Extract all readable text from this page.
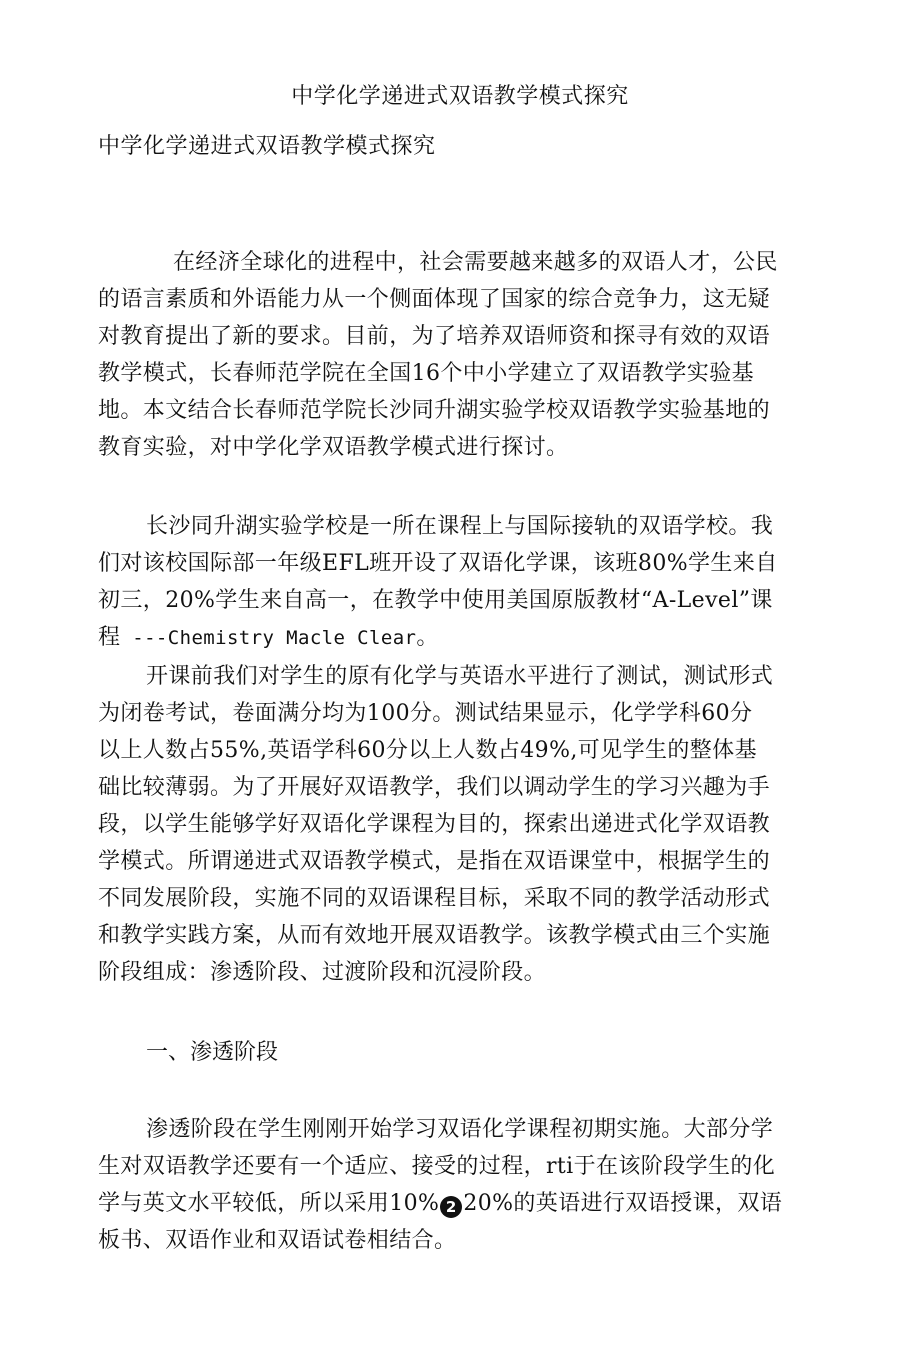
中学化学递进式双语教学模式探究
中学化学递进式双语教学模式探究
在经济全球化的进程中，社会需要越来越多的双语人才，公民
的语言素质和外语能力从一个侧面体现了国家的综合竞争力，这无疑
对教育提出了新的要求。目前，为了培养双语师资和探寻有效的双语
教学模式，长春师范学院在全国16个中小学建立了双语教学实验基
地。本文结合长春师范学院长沙同升湖实验学校双语教学实验基地的
教育实验，对中学化学双语教学模式进行探讨。
长沙同升湖实验学校是一所在课程上与国际接轨的双语学校。我
们对该校国际部一年级EFL班开设了双语化学课，该班80%学生来自
初三，20%学生来自高一，在教学中使用美国原版教材“A-Level”课
程 ---Chemistry Macle Clear。
开课前我们对学生的原有化学与英语水平进行了测试，测试形式
为闭卷考试，卷面满分均为100分。测试结果显示，化学学科60分
以上人数占55%,英语学科60分以上人数占49%,可见学生的整体基
础比较薄弱。为了开展好双语教学，我们以调动学生的学习兴趣为手
段，以学生能够学好双语化学课程为目的，探索出递进式化学双语教
学模式。所谓递进式双语教学模式，是指在双语课堂中，根据学生的
不同发展阶段，实施不同的双语课程目标，采取不同的教学活动形式
和教学实践方案，从而有效地开展双语教学。该教学模式由三个实施
阶段组成：渗透阶段、过渡阶段和沉浸阶段。
一、渗透阶段
渗透阶段在学生刚刚开始学习双语化学课程初期实施。大部分学
生对双语教学还要有一个适应、接受的过程，rti于在该阶段学生的化
学与英文水平较低，所以采用10% 2 20%的英语进行双语授课，双语
板书、双语作业和双语试卷相结合。
